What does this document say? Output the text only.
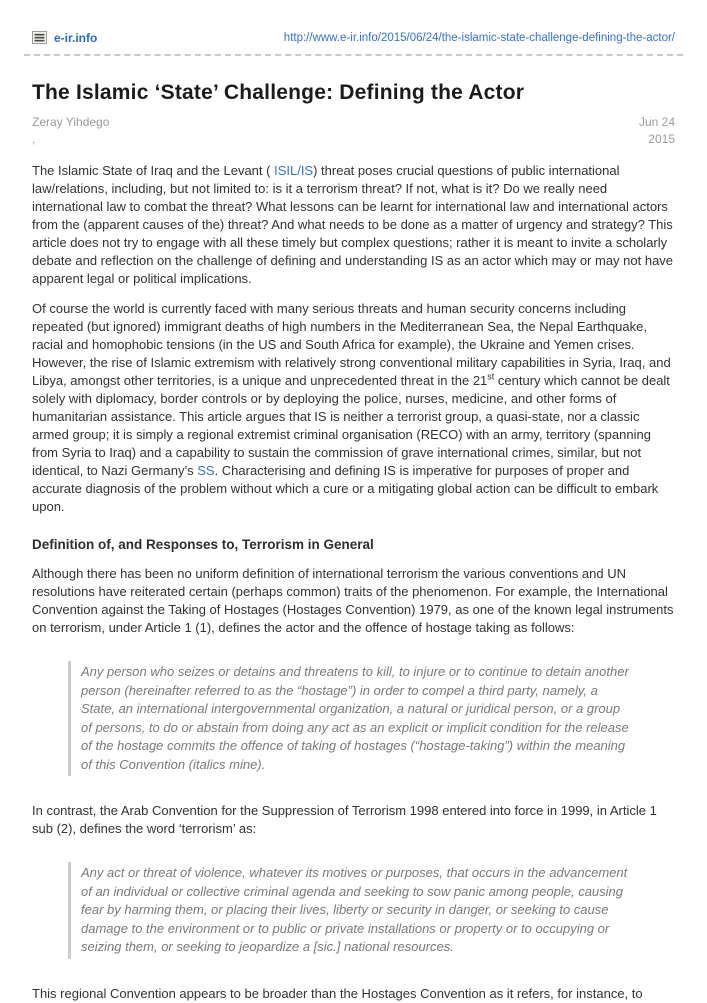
e-ir.info	http://www.e-ir.info/2015/06/24/the-islamic-state-challenge-defining-the-actor/
The Islamic ‘State’ Challenge: Defining the Actor
Zeray Yihdego
,
Jun 24
2015

The Islamic State of Iraq and the Levant ( ISIL/IS) threat poses crucial questions of public international law/relations, including, but not limited to: is it a terrorism threat? If not, what is it? Do we really need international law to combat the threat? What lessons can be learnt for international law and international actors from the (apparent causes of the) threat? And what needs to be done as a matter of urgency and strategy? This article does not try to engage with all these timely but complex questions; rather it is meant to invite a scholarly debate and reflection on the challenge of defining and understanding IS as an actor which may or may not have apparent legal or political implications.

Of course the world is currently faced with many serious threats and human security concerns including repeated (but ignored) immigrant deaths of high numbers in the Mediterranean Sea, the Nepal Earthquake, racial and homophobic tensions (in the US and South Africa for example), the Ukraine and Yemen crises. However, the rise of Islamic extremism with relatively strong conventional military capabilities in Syria, Iraq, and Libya, amongst other territories, is a unique and unprecedented threat in the 21st century which cannot be dealt solely with diplomacy, border controls or by deploying the police, nurses, medicine, and other forms of humanitarian assistance. This article argues that IS is neither a terrorist group, a quasi-state, nor a classic armed group; it is simply a regional extremist criminal organisation (RECO) with an army, territory (spanning from Syria to Iraq) and a capability to sustain the commission of grave international crimes, similar, but not identical, to Nazi Germany’s SS. Characterising and defining IS is imperative for purposes of proper and accurate diagnosis of the problem without which a cure or a mitigating global action can be difficult to embark upon.

Definition of, and Responses to, Terrorism in General

Although there has been no uniform definition of international terrorism the various conventions and UN resolutions have reiterated certain (perhaps common) traits of the phenomenon. For example, the International Convention against the Taking of Hostages (Hostages Convention) 1979, as one of the known legal instruments on terrorism, under Article 1 (1), defines the actor and the offence of hostage taking as follows:

Any person who seizes or detains and threatens to kill, to injure or to continue to detain another person (hereinafter referred to as the “hostage”) in order to compel a third party, namely, a State, an international intergovernmental organization, a natural or juridical person, or a group of persons, to do or abstain from doing any act as an explicit or implicit condition for the release of the hostage commits the offence of taking of hostages (“hostage-taking”) within the meaning of this Convention (italics mine).

In contrast, the Arab Convention for the Suppression of Terrorism 1998 entered into force in 1999, in Article 1 sub (2), defines the word ‘terrorism’ as:

Any act or threat of violence, whatever its motives or purposes, that occurs in the advancement of an individual or collective criminal agenda and seeking to sow panic among people, causing fear by harming them, or placing their lives, liberty or security in danger, or seeking to cause damage to the environment or to public or private installations or property or to occupying or seizing them, or seeking to jeopardize a [sic.] national resources.

This regional Convention appears to be broader than the Hostages Convention as it refers, for instance, to
